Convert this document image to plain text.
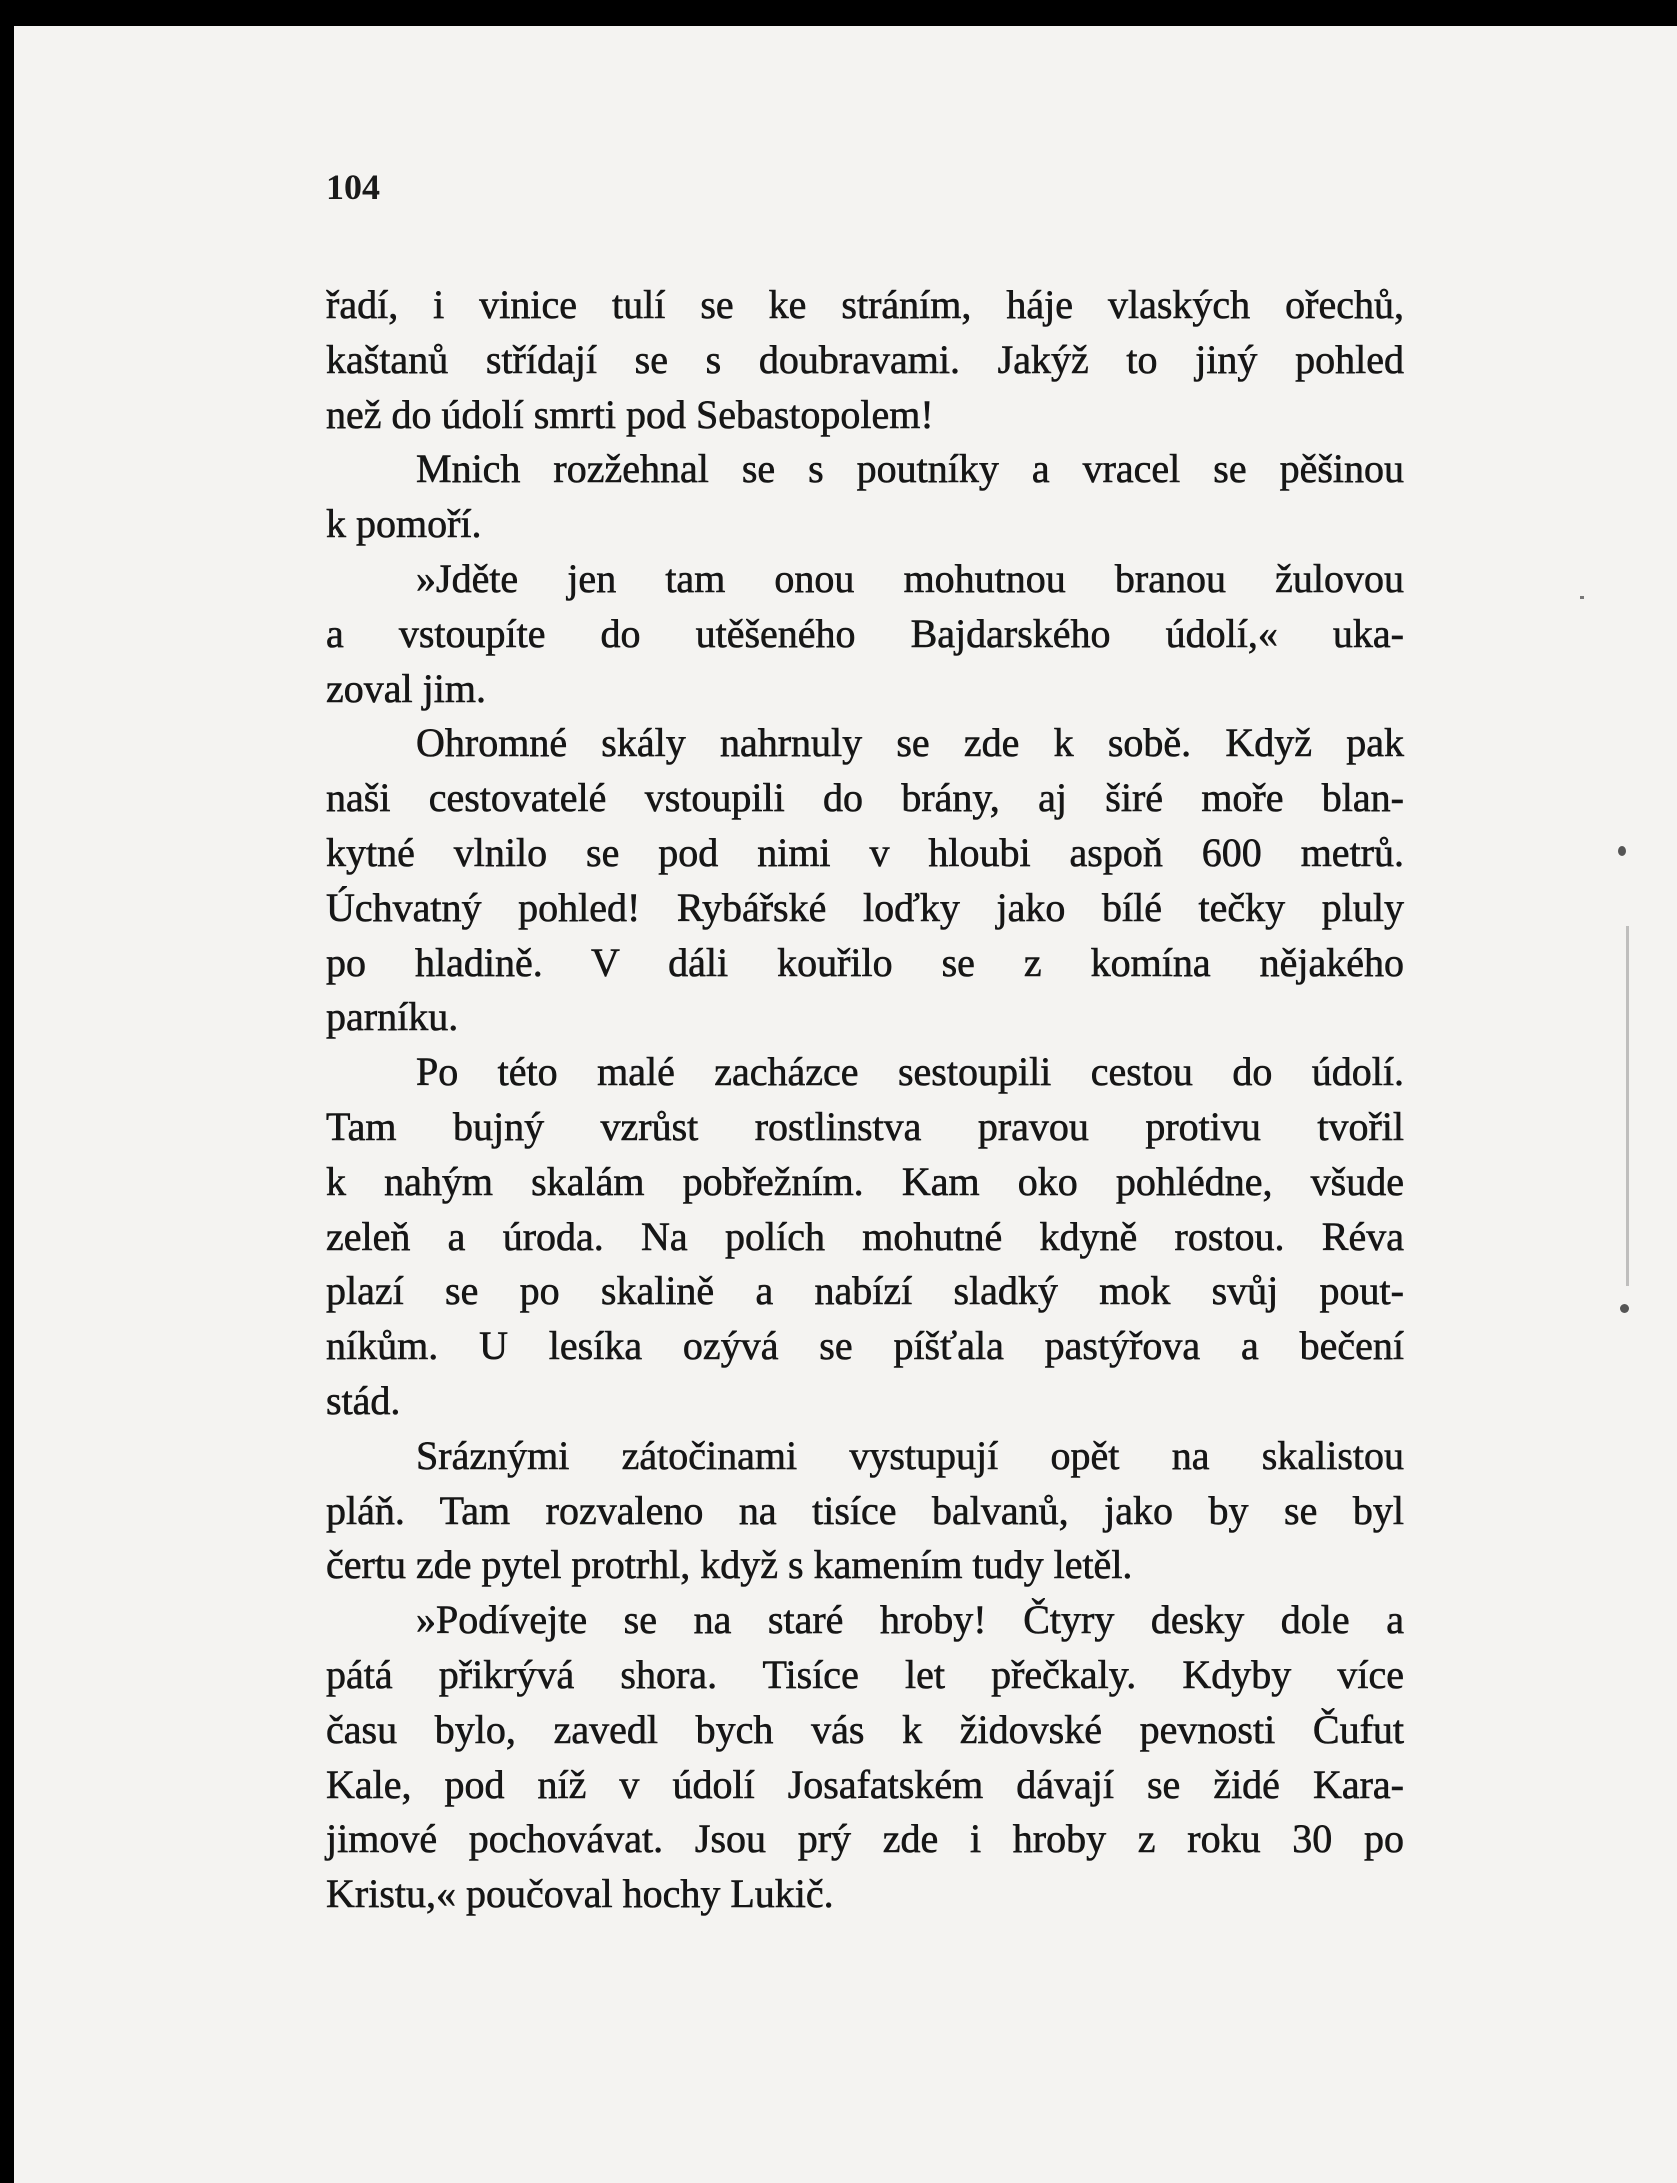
104
řadí, i vinice tulí se ke stráním, háje vlaských ořechů,
kaštanů střídají se s doubravami. Jakýž to jiný pohled
než do údolí smrti pod Sebastopolem!
Mnich rozžehnal se s poutníky a vracel se pěšinou
k pomoří.
»Jděte jen tam onou mohutnou branou žulovou
a vstoupíte do utěšeného Bajdarského údolí,« uka-
zoval jim.
Ohromné skály nahrnuly se zde k sobě. Když pak
naši cestovatelé vstoupili do brány, aj širé moře blan-
kytné vlnilo se pod nimi v hloubi aspoň 600 metrů.
Úchvatný pohled! Rybářské loďky jako bílé tečky pluly
po hladině. V dáli kouřilo se z komína nějakého
parníku.
Po této malé zacházce sestoupili cestou do údolí.
Tam bujný vzrůst rostlinstva pravou protivu tvořil
k nahým skalám pobřežním. Kam oko pohlédne, všude
zeleň a úroda. Na polích mohutné kdyně rostou. Réva
plazí se po skalině a nabízí sladký mok svůj pout-
níkům. U lesíka ozývá se píšťala pastýřova a bečení
stád.
Sráznými zátočinami vystupují opět na skalistou
pláň. Tam rozvaleno na tisíce balvanů, jako by se byl
čertu zde pytel protrhl, když s kamením tudy letěl.
»Podívejte se na staré hroby! Čtyry desky dole a
pátá přikrývá shora. Tisíce let přečkaly. Kdyby více
času bylo, zavedl bych vás k židovské pevnosti Čufut
Kale, pod níž v údolí Josafatském dávají se židé Kara-
jimové pochovávat. Jsou prý zde i hroby z roku 30 po
Kristu,« poučoval hochy Lukič.
